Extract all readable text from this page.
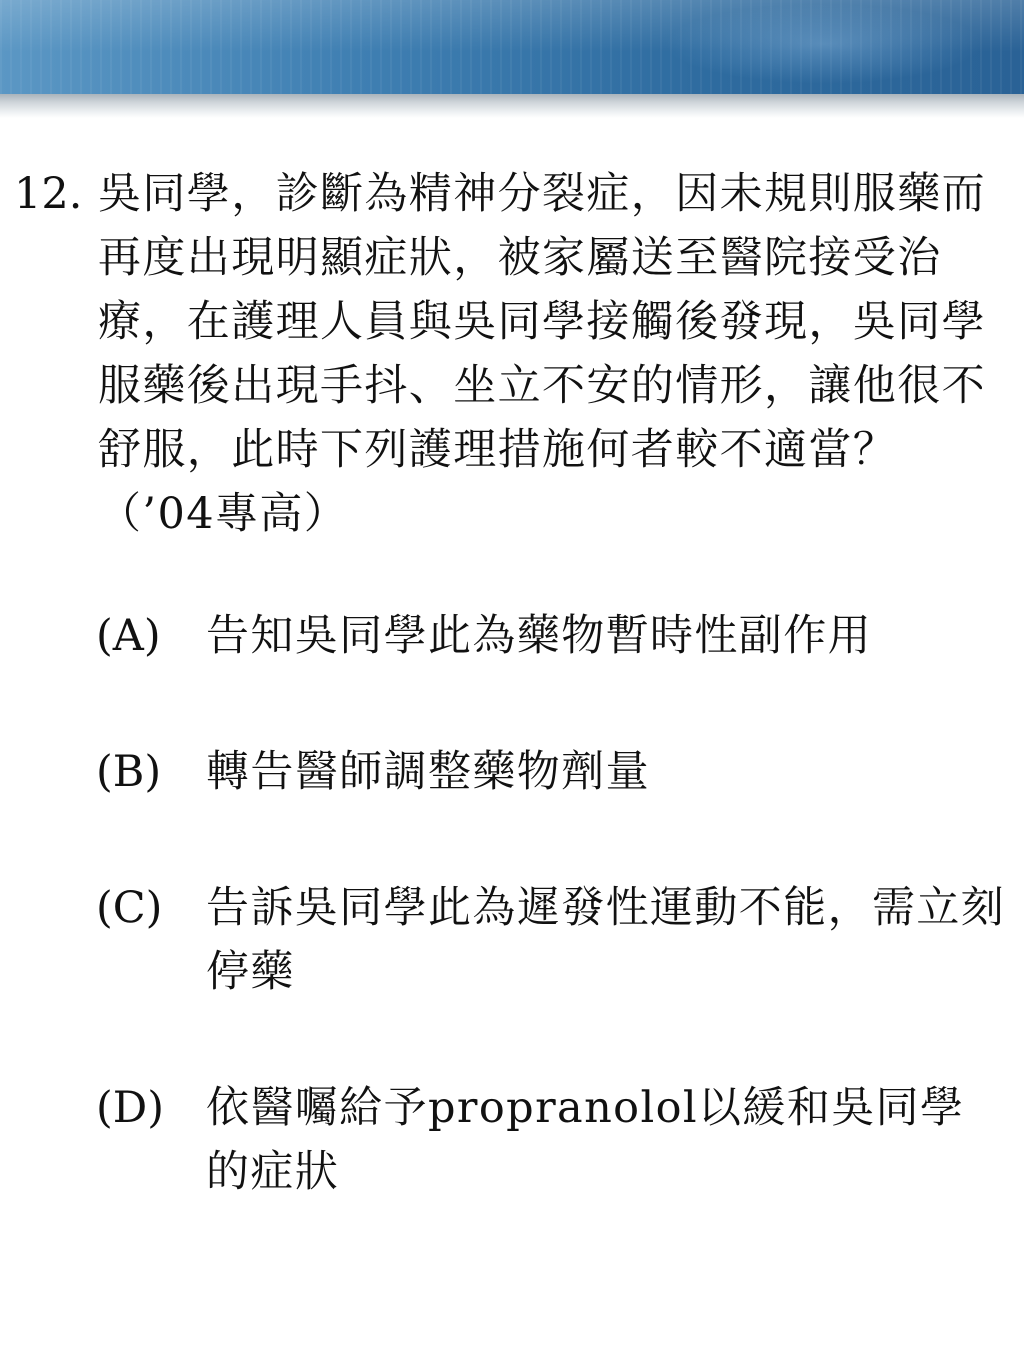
12. 吳同學，診斷為精神分裂症，因未規則服藥而再度出現明顯症狀，被家屬送至醫院接受治療，在護理人員與吳同學接觸後發現，吳同學服藥後出現手抖、坐立不安的情形，讓他很不舒服，此時下列護理措施何者較不適當？（’04專高）
(A)	告知吳同學此為藥物暫時性副作用
(B)	轉告醫師調整藥物劑量
(C)	告訴吳同學此為遲發性運動不能，需立刻停藥
(D) 依醫囑給予propranolol以緩和吳同學的症狀
